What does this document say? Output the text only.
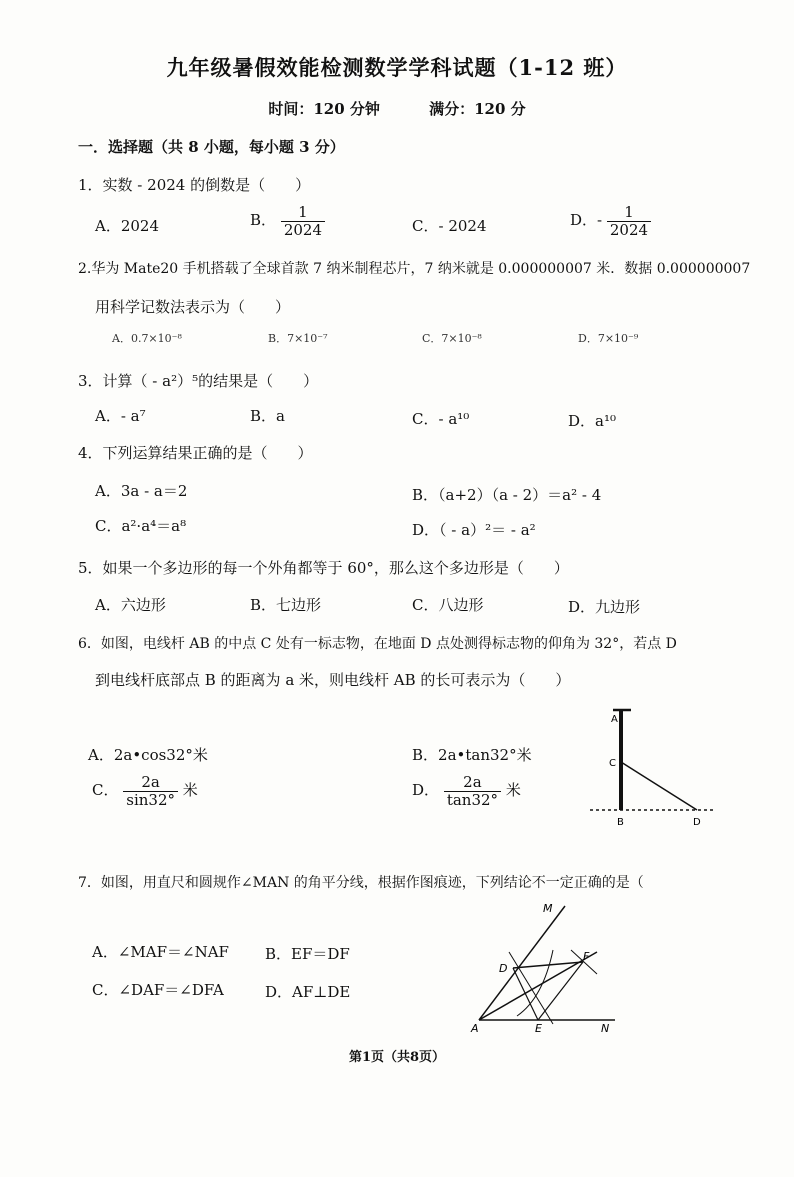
九年级暑假效能检测数学学科试题（1-12 班）
时间：120 分钟	满分：120 分
一．选择题（共 8 小题，每小题 3 分）
1．实数 - 2024 的倒数是（　　）
A．2024	B． $\frac{1}{2024}$	C．- 2024	D．- $\frac{1}{2024}$
2.华为 Mate20 手机搭载了全球首款 7 纳米制程芯片，7 纳米就是 0.000000007 米．数据 0.000000007
用科学记数法表示为（　　）
A．0.7×10⁻⁸	B．7×10⁻⁷	C．7×10⁻⁸	D．7×10⁻⁹
3．计算（ - a²）⁵的结果是（　　）
A．- a⁷	B．a	C．- a¹⁰	D．a¹⁰
4．下列运算结果正确的是（　　）
A．3a - a＝2	B．（a+2）（a - 2）＝a² - 4
C．a²·a⁴＝a⁸	D．（ - a）²＝ - a²
5．如果一个多边形的每一个外角都等于 60°，那么这个多边形是（　　）
A．六边形	B．七边形	C．八边形	D．九边形
6．如图，电线杆 AB 的中点 C 处有一标志物，在地面 D 点处测得标志物的仰角为 32°，若点 D
到电线杆底部点 B 的距离为 a 米，则电线杆 AB 的长可表示为（　　）
A．2a•cos32°米	B．2a•tan32°米
C． $\frac{2a}{\sin 32^\circ}$ 米	D． $\frac{2a}{\tan 32^\circ}$ 米
A
C
B	D
7．如图，用直尺和圆规作∠MAN 的角平分线，根据作图痕迹，下列结论不一定正确的是（
A．∠MAF＝∠NAF B．EF＝DF
C．∠DAF＝∠DFA	D．AF⊥DE
M
D
F
A	E	N
第1页（共8页）
